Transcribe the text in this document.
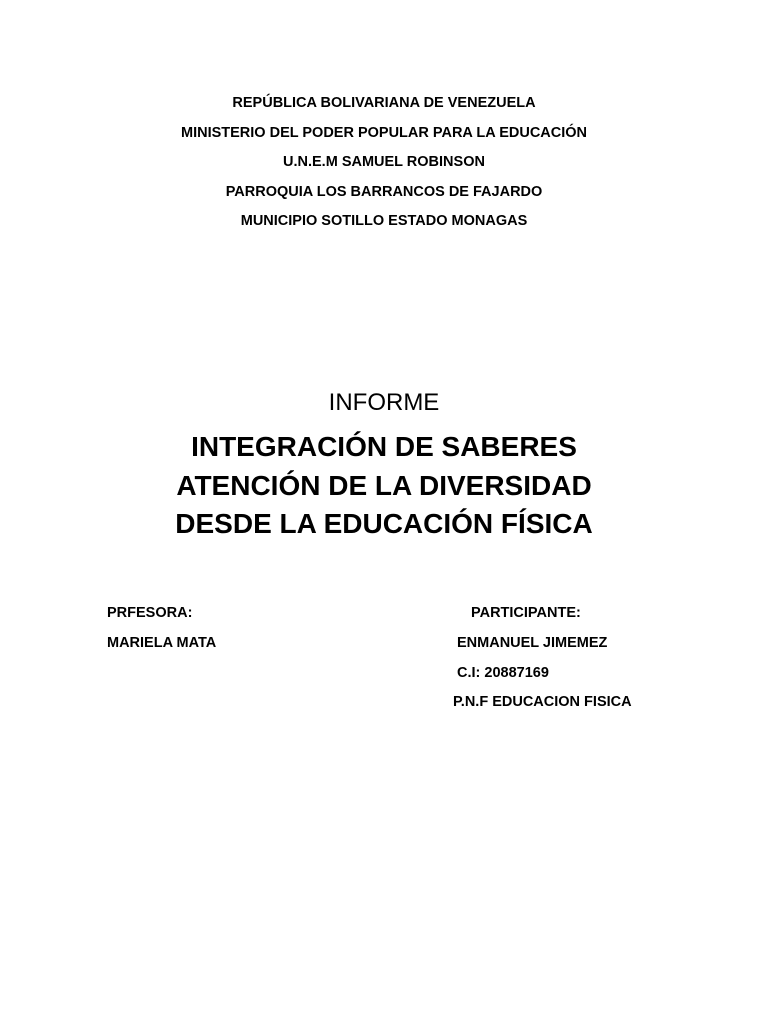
REPÚBLICA BOLIVARIANA DE VENEZUELA
MINISTERIO DEL PODER POPULAR PARA LA EDUCACIÓN
U.N.E.M SAMUEL ROBINSON
PARROQUIA LOS BARRANCOS DE FAJARDO
MUNICIPIO SOTILLO ESTADO MONAGAS
INFORME
INTEGRACIÓN DE SABERES
ATENCIÓN DE LA DIVERSIDAD
DESDE LA EDUCACIÓN FÍSICA
PRFESORA:
MARIELA MATA
PARTICIPANTE:
ENMANUEL JIMEMEZ
C.I: 20887169
P.N.F EDUCACION FISICA
